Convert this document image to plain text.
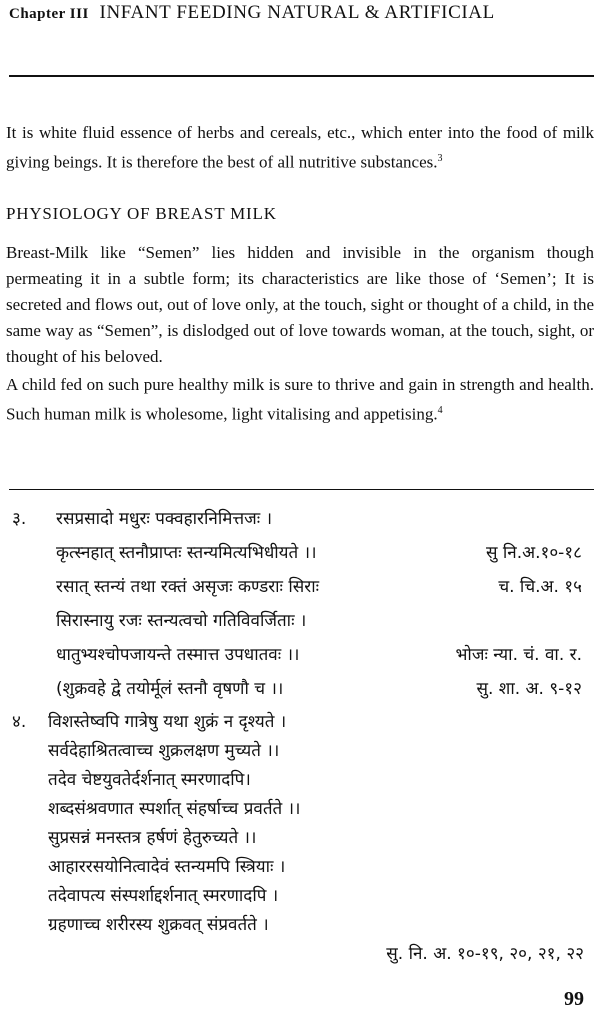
Chapter III INFANT FEEDING NATURAL & ARTIFICIAL
It is white fluid essence of herbs and cereals, etc., which enter into the food of milk giving beings. It is therefore the best of all nutritive substances.$^3$
PHYSIOLOGY OF BREAST MILK
Breast-Milk like “Semen” lies hidden and invisible in the organism though permeating it in a subtle form; its characteristics are like those of ‘Semen’; It is secreted and flows out, out of love only, at the touch, sight or thought of a child, in the same way as “Semen”, is dislodged out of love towards woman, at the touch, sight, or thought of his beloved.
A child fed on such pure healthy milk is sure to thrive and gain in strength and health. Such human milk is wholesome, light vitalising and appetising.$^4$
३. रसप्रसादो मधुरः पक्वहारनिमित्तजः ।
कृत्स्नहात् स्तनौप्राप्तः स्तन्यमित्यभिधीयते ।।	सु नि.अ.१०-१८
रसात् स्तन्यं तथा रक्तं असृजः कण्डराः सिराः	च. चि.अ. १५
सिरास्नायु रजः स्तन्यत्वचो गतिविवर्जिताः ।
धातुभ्यश्चोपजायन्ते तस्मात्त उपधातवः ।।	भोजः न्या. चं. वा. र.
(शुक्रवहे द्वे तयोर्मूलं स्तनौ वृषणौ च ।।	सु. शा. अ. ९-१२
४. विशस्तेष्वपि गात्रेषु यथा शुक्रं न दृश्यते ।
सर्वदेहाश्रितत्वाच्च शुक्रलक्षण मुच्यते ।।
तदेव चेष्टयुवतेर्दर्शनात् स्मरणादपि।
शब्दसंश्रवणात स्पर्शात् संहर्षाच्च प्रवर्तते ।।
सुप्रसन्नं मनस्तत्र हर्षणं हेतुरुच्यते ।।
आहाररसयोनित्वादेवं स्तन्यमपि स्त्रियाः ।
तदेवापत्य संस्पर्शाद्दर्शनात् स्मरणादपि ।
ग्रहणाच्च शरीरस्य शुक्रवत् संप्रवर्तते ।
सु. नि. अ. १०-१९, २०, २१, २२
99
